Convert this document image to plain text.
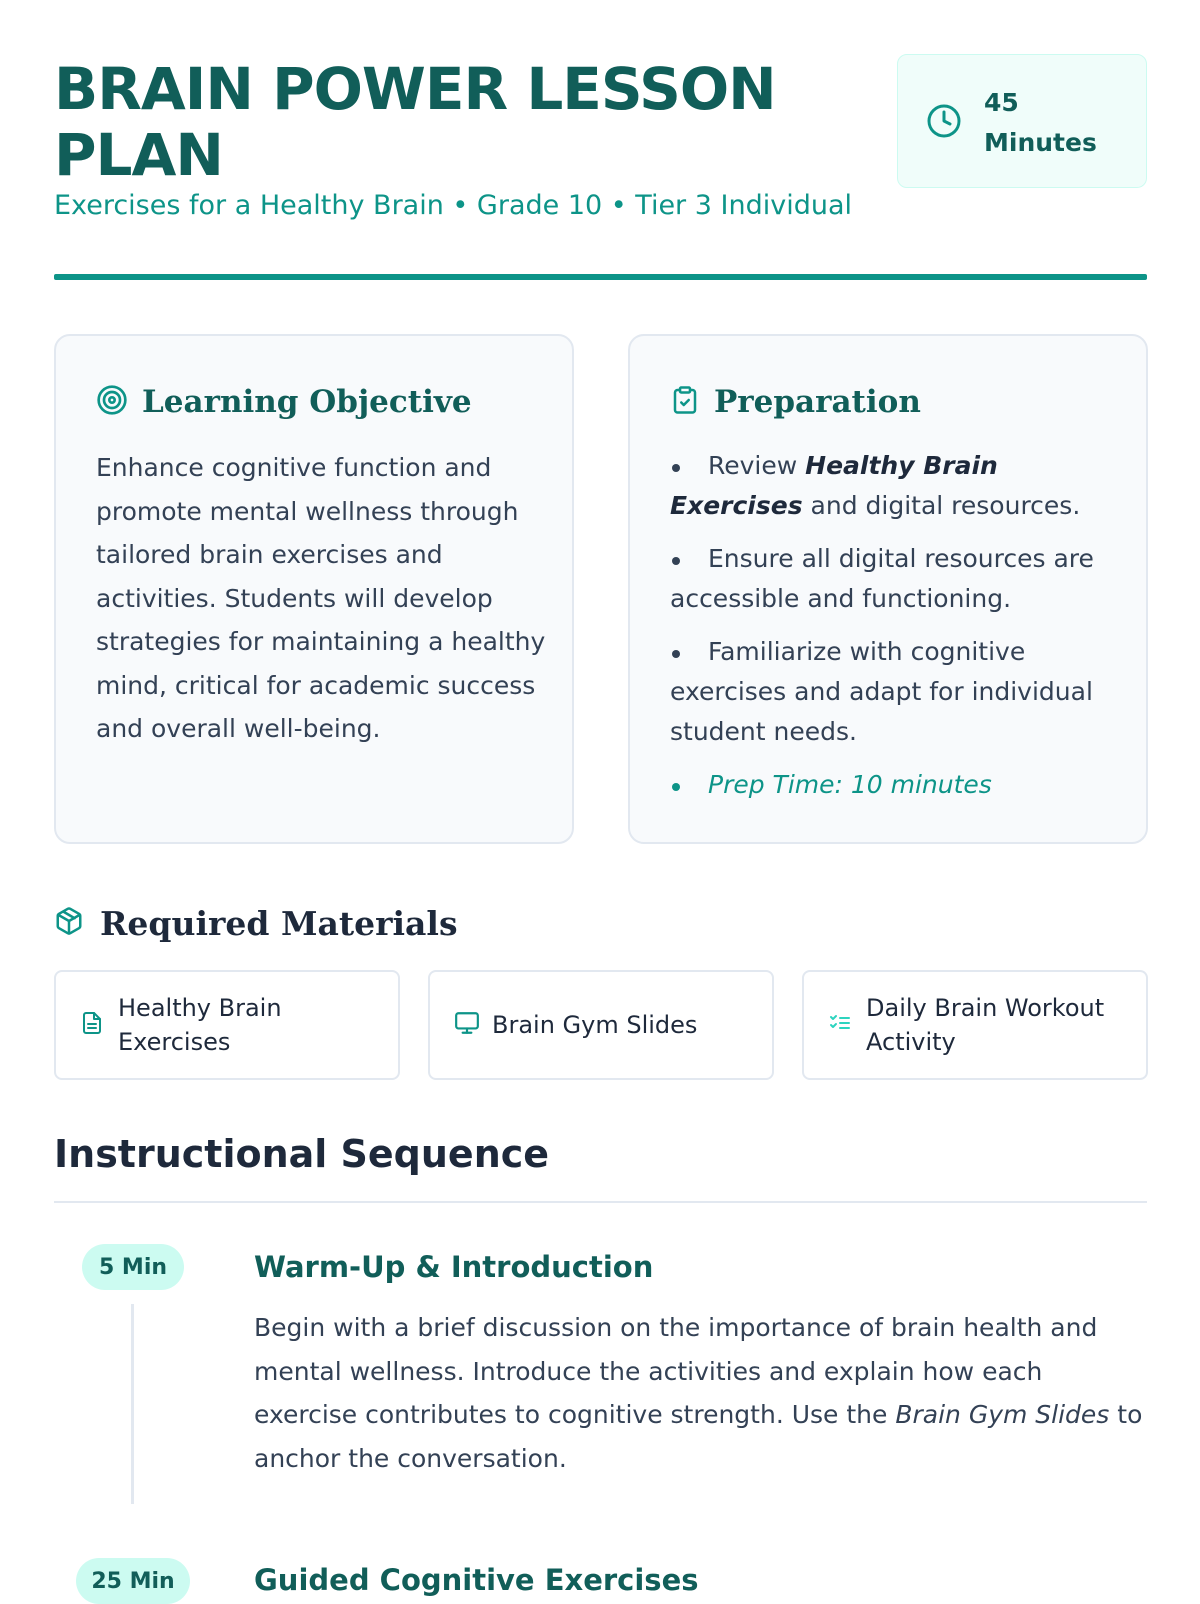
BRAIN POWER LESSON PLAN
Exercises for a Healthy Brain • Grade 10 • Tier 3 Individual
45 Minutes
Learning Objective
Enhance cognitive function and promote mental wellness through tailored brain exercises and activities. Students will develop strategies for maintaining a healthy mind, critical for academic success and overall well-being.
Preparation
Review Healthy Brain Exercises and digital resources.
Ensure all digital resources are accessible and functioning.
Familiarize with cognitive exercises and adapt for individual student needs.
Prep Time: 10 minutes
Required Materials
Healthy Brain Exercises
Brain Gym Slides
Daily Brain Workout Activity
Instructional Sequence
5 Min	Warm-Up & Introduction
Begin with a brief discussion on the importance of brain health and mental wellness. Introduce the activities and explain how each exercise contributes to cognitive strength. Use the Brain Gym Slides to anchor the conversation.
25 Min	Guided Cognitive Exercises
